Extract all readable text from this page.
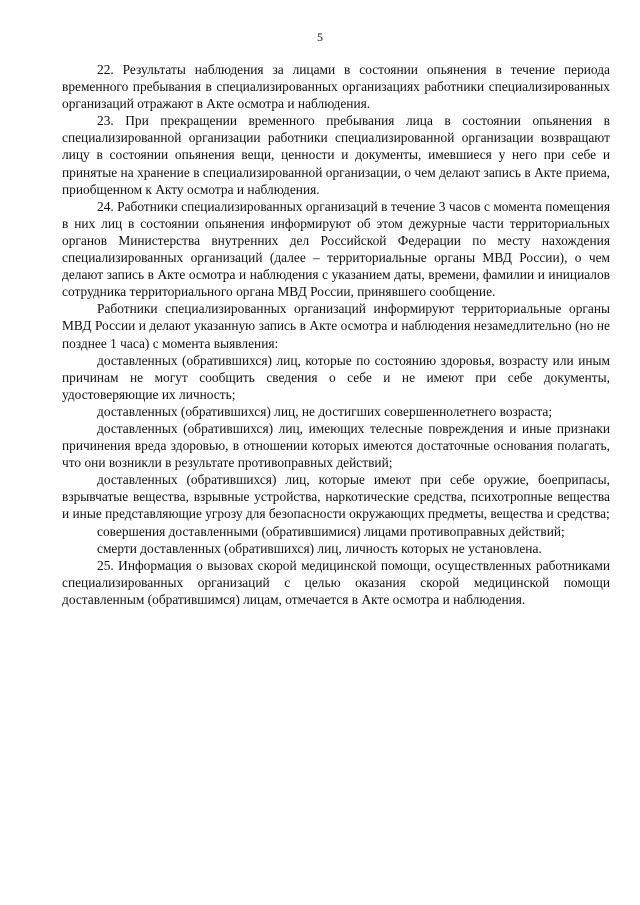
5

22. Результаты наблюдения за лицами в состоянии опьянения в течение периода временного пребывания в специализированных организациях работники специализированных организаций отражают в Акте осмотра и наблюдения.

23. При прекращении временного пребывания лица в состоянии опьянения в специализированной организации работники специализированной организации возвращают лицу в состоянии опьянения вещи, ценности и документы, имевшиеся у него при себе и принятые на хранение в специализированной организации, о чем делают запись в Акте приема, приобщенном к Акту осмотра и наблюдения.

24. Работники специализированных организаций в течение 3 часов с момента помещения в них лиц в состоянии опьянения информируют об этом дежурные части территориальных органов Министерства внутренних дел Российской Федерации по месту нахождения специализированных организаций (далее – территориальные органы МВД России), о чем делают запись в Акте осмотра и наблюдения с указанием даты, времени, фамилии и инициалов сотрудника территориального органа МВД России, принявшего сообщение.

Работники специализированных организаций информируют территориальные органы МВД России и делают указанную запись в Акте осмотра и наблюдения незамедлительно (но не позднее 1 часа) с момента выявления:

доставленных (обратившихся) лиц, которые по состоянию здоровья, возрасту или иным причинам не могут сообщить сведения о себе и не имеют при себе документы, удостоверяющие их личность;

доставленных (обратившихся) лиц, не достигших совершеннолетнего возраста;

доставленных (обратившихся) лиц, имеющих телесные повреждения и иные признаки причинения вреда здоровью, в отношении которых имеются достаточные основания полагать, что они возникли в результате противоправных действий;

доставленных (обратившихся) лиц, которые имеют при себе оружие, боеприпасы, взрывчатые вещества, взрывные устройства, наркотические средства, психотропные вещества и иные представляющие угрозу для безопасности окружающих предметы, вещества и средства;

совершения доставленными (обратившимися) лицами противоправных действий;

смерти доставленных (обратившихся) лиц, личность которых не установлена.

25. Информация о вызовах скорой медицинской помощи, осуществленных работниками специализированных организаций с целью оказания скорой медицинской помощи доставленным (обратившимся) лицам, отмечается в Акте осмотра и наблюдения.
